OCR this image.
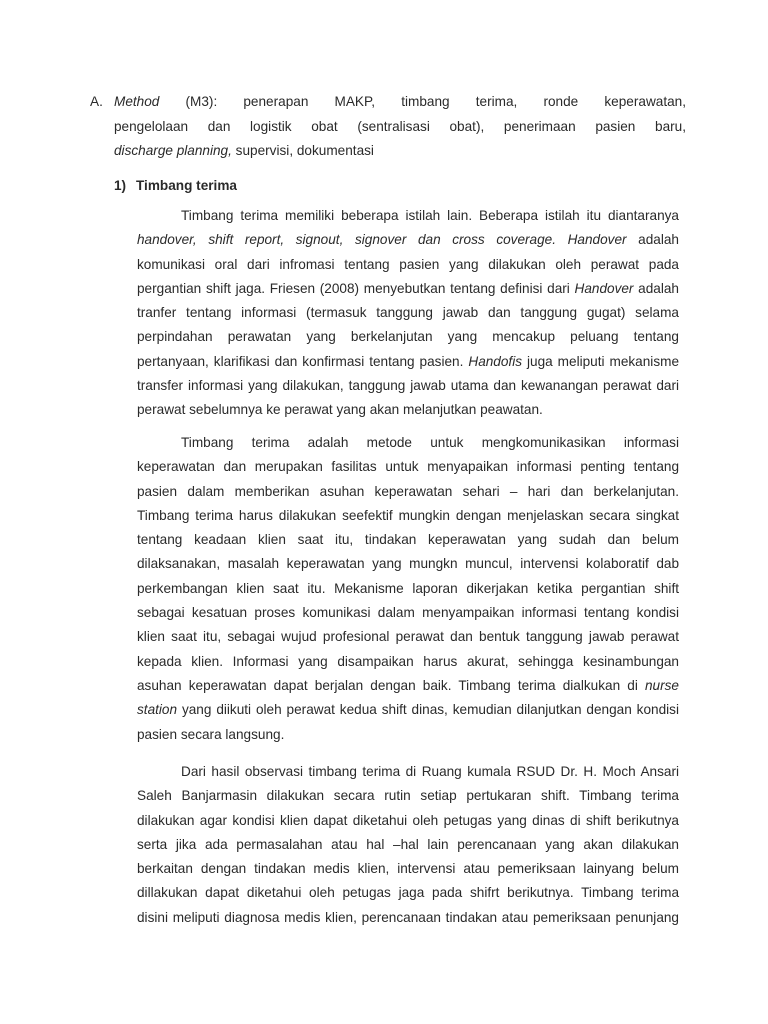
A. Method (M3): penerapan MAKP, timbang terima, ronde keperawatan,
pengelolaan dan logistik obat (sentralisasi obat), penerimaan pasien baru,
discharge planning, supervisi, dokumentasi
1) Timbang terima
Timbang terima memiliki beberapa istilah lain. Beberapa istilah itu diantaranya
handover, shift report, signout, signover dan cross coverage. Handover adalah
komunikasi oral dari infromasi tentang pasien yang dilakukan oleh perawat pada
pergantian shift jaga. Friesen (2008) menyebutkan tentang definisi dari Handover adalah
tranfer tentang informasi (termasuk tanggung jawab dan tanggung gugat) selama
perpindahan perawatan yang berkelanjutan yang mencakup peluang tentang
pertanyaan, klarifikasi dan konfirmasi tentang pasien. Handofis juga meliputi mekanisme
transfer informasi yang dilakukan, tanggung jawab utama dan kewanangan perawat dari
perawat sebelumnya ke perawat yang akan melanjutkan peawatan.
Timbang terima adalah metode untuk mengkomunikasikan informasi
keperawatan dan merupakan fasilitas untuk menyapaikan informasi penting tentang
pasien dalam memberikan asuhan keperawatan sehari – hari dan berkelanjutan.
Timbang terima harus dilakukan seefektif mungkin dengan menjelaskan secara singkat
tentang keadaan klien saat itu, tindakan keperawatan yang sudah dan belum
dilaksanakan, masalah keperawatan yang mungkn muncul, intervensi kolaboratif dab
perkembangan klien saat itu. Mekanisme laporan dikerjakan ketika pergantian shift
sebagai kesatuan proses komunikasi dalam menyampaikan informasi tentang kondisi
klien saat itu, sebagai wujud profesional perawat dan bentuk tanggung jawab perawat
kepada klien. Informasi yang disampaikan harus akurat, sehingga kesinambungan
asuhan keperawatan dapat berjalan dengan baik. Timbang terima dialkukan di nurse
station yang diikuti oleh perawat kedua shift dinas, kemudian dilanjutkan dengan kondisi
pasien secara langsung.
Dari hasil observasi timbang terima di Ruang kumala RSUD Dr. H. Moch Ansari
Saleh Banjarmasin dilakukan secara rutin setiap pertukaran shift. Timbang terima
dilakukan agar kondisi klien dapat diketahui oleh petugas yang dinas di shift berikutnya
serta jika ada permasalahan atau hal –hal lain perencanaan yang akan dilakukan
berkaitan dengan tindakan medis klien, intervensi atau pemeriksaan lainyang belum
dillakukan dapat diketahui oleh petugas jaga pada shifrt berikutnya. Timbang terima
disini meliputi diagnosa medis klien, perencanaan tindakan atau pemeriksaan penunjang
